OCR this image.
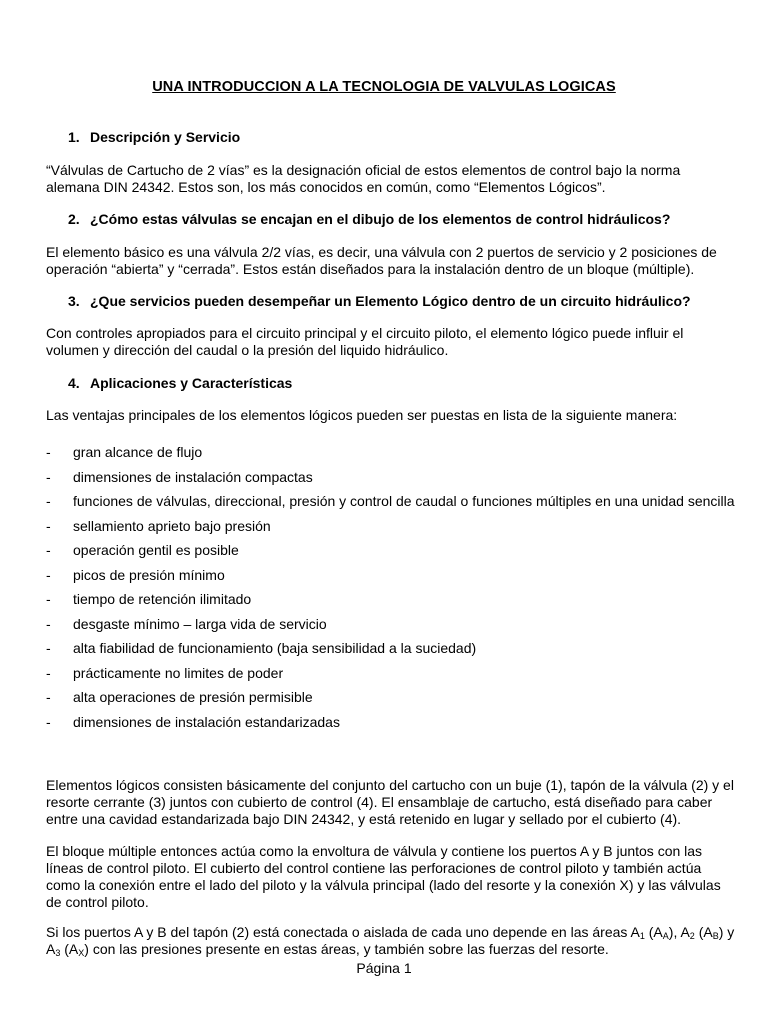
UNA INTRODUCCION A LA TECNOLOGIA DE VALVULAS LOGICAS
1. Descripción y Servicio
“Válvulas de Cartucho de 2 vías” es la designación oficial de estos elementos de control bajo la norma alemana DIN 24342. Estos son, los más conocidos en común, como “Elementos Lógicos”.
2. ¿Cómo estas válvulas se encajan en el dibujo de los elementos de control hidráulicos?
El elemento básico es una válvula 2/2 vías, es decir, una válvula con 2 puertos de servicio y 2 posiciones de operación “abierta” y “cerrada”. Estos están diseñados para la instalación dentro de un bloque (múltiple).
3. ¿Que servicios pueden desempeñar un Elemento Lógico dentro de un circuito hidráulico?
Con controles apropiados para el circuito principal y el circuito piloto, el elemento lógico puede influir el volumen y dirección del caudal o la presión del liquido hidráulico.
4. Aplicaciones y Características
Las ventajas principales de los elementos lógicos pueden ser puestas en lista de la siguiente manera:
- gran alcance de flujo
- dimensiones de instalación compactas
- funciones de válvulas, direccional, presión y control de caudal o funciones múltiples en una unidad sencilla
- sellamiento aprieto bajo presión
- operación gentil es posible
- picos de presión mínimo
- tiempo de retención ilimitado
- desgaste mínimo – larga vida de servicio
- alta fiabilidad de funcionamiento (baja sensibilidad a la suciedad)
- prácticamente no limites de poder
- alta operaciones de presión permisible
- dimensiones de instalación estandarizadas
Elementos lógicos consisten básicamente del conjunto del cartucho con un buje (1), tapón de la válvula (2) y el resorte cerrante (3) juntos con cubierto de control (4). El ensamblaje de cartucho, está diseñado para caber entre una cavidad estandarizada bajo DIN 24342, y está retenido en lugar y sellado por el cubierto (4).
El bloque múltiple entonces actúa como la envoltura de válvula y contiene los puertos A y B juntos con las líneas de control piloto. El cubierto del control contiene las perforaciones de control piloto y también actúa como la conexión entre el lado del piloto y la válvula principal (lado del resorte y la conexión X) y las válvulas de control piloto.
Si los puertos A y B del tapón (2) está conectada o aislada de cada uno depende en las áreas $A_1$ $(A_A)$, $A_2$ $(A_B)$ y $A_3$ $(A_X)$ con las presiones presente en estas áreas, y también sobre las fuerzas del resorte.
Página 1
